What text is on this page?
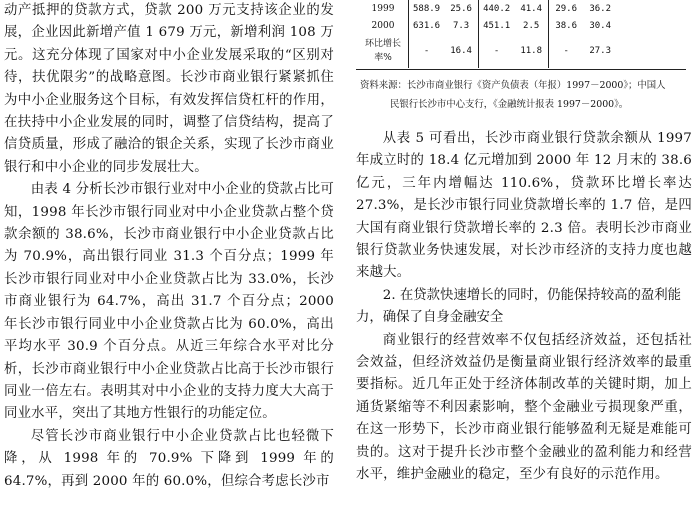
动产抵押的贷款方式，贷款 200 万元支持该企业的发展，企业因此新增产值 1 679 万元，新增利润 108 万元。这充分体现了国家对中小企业发展采取的“区别对待，扶优限劣”的战略意图。长沙市商业银行紧紧抓住为中小企业服务这个目标，有效发挥信贷杠杆的作用，在扶持中小企业发展的同时，调整了信贷结构，提高了信贷质量，形成了融洽的银企关系，实现了长沙市商业银行和中小企业的同步发展壮大。

由表 4 分析长沙市银行业对中小企业的贷款占比可知，1998 年长沙市银行同业对中小企业贷款占整个贷款余额的 38.6%，长沙市商业银行中小企业贷款占比为 70.9%，高出银行同业 31.3 个百分点；1999 年长沙市银行同业对中小企业贷款占比为 33.0%，长沙市商业银行为 64.7%，高出 31.7 个百分点；2000 年长沙市银行同业中小企业贷款占比为 60.0%，高出平均水平 30.9 个百分点。从近三年综合水平对比分析，长沙市商业银行中小企业贷款占比高于长沙市银行同业一倍左右。表明其对中小企业的支持力度大大高于同业水平，突出了其地方性银行的功能定位。

尽管长沙市商业银行中小企业贷款占比也轻微下降，从 1998 年的 70.9% 下降到 1999 年的 64.7%，再到 2000 年的 60.0%，但综合考虑长沙市

1999		588.9	25.6		440.2	41.4		29.6	36.2
2000		631.6	7.3		451.1	2.5		38.6	30.4
环比增长率%		-	16.4		-	11.8		-	27.3
资料来源：长沙市商业银行《资产负债表（年报）1997－2000》；中国人
民银行长沙市中心支行，《金融统计报表 1997－2000》。

从表 5 可看出，长沙市商业银行贷款余额从 1997 年成立时的 18.4 亿元增加到 2000 年 12 月末的 38.6 亿元，三年内增幅达 110.6%，贷款环比增长率达 27.3%，是长沙市银行同业贷款增长率的 1.7 倍，是四大国有商业银行贷款增长率的 2.3 倍。表明长沙市商业银行贷款业务快速发展，对长沙市经济的支持力度也越来越大。

2. 在贷款快速增长的同时，仍能保持较高的盈利能力，确保了自身金融安全

商业银行的经营效率不仅包括经济效益，还包括社会效益，但经济效益仍是衡量商业银行经济效率的最重要指标。近几年正处于经济体制改革的关键时期，加上通货紧缩等不利因素影响，整个金融业亏损现象严重，在这一形势下，长沙市商业银行能够盈利无疑是难能可贵的。这对于提升长沙市整个金融业的盈利能力和经营水平，维护金融业的稳定，至少有良好的示范作用。
